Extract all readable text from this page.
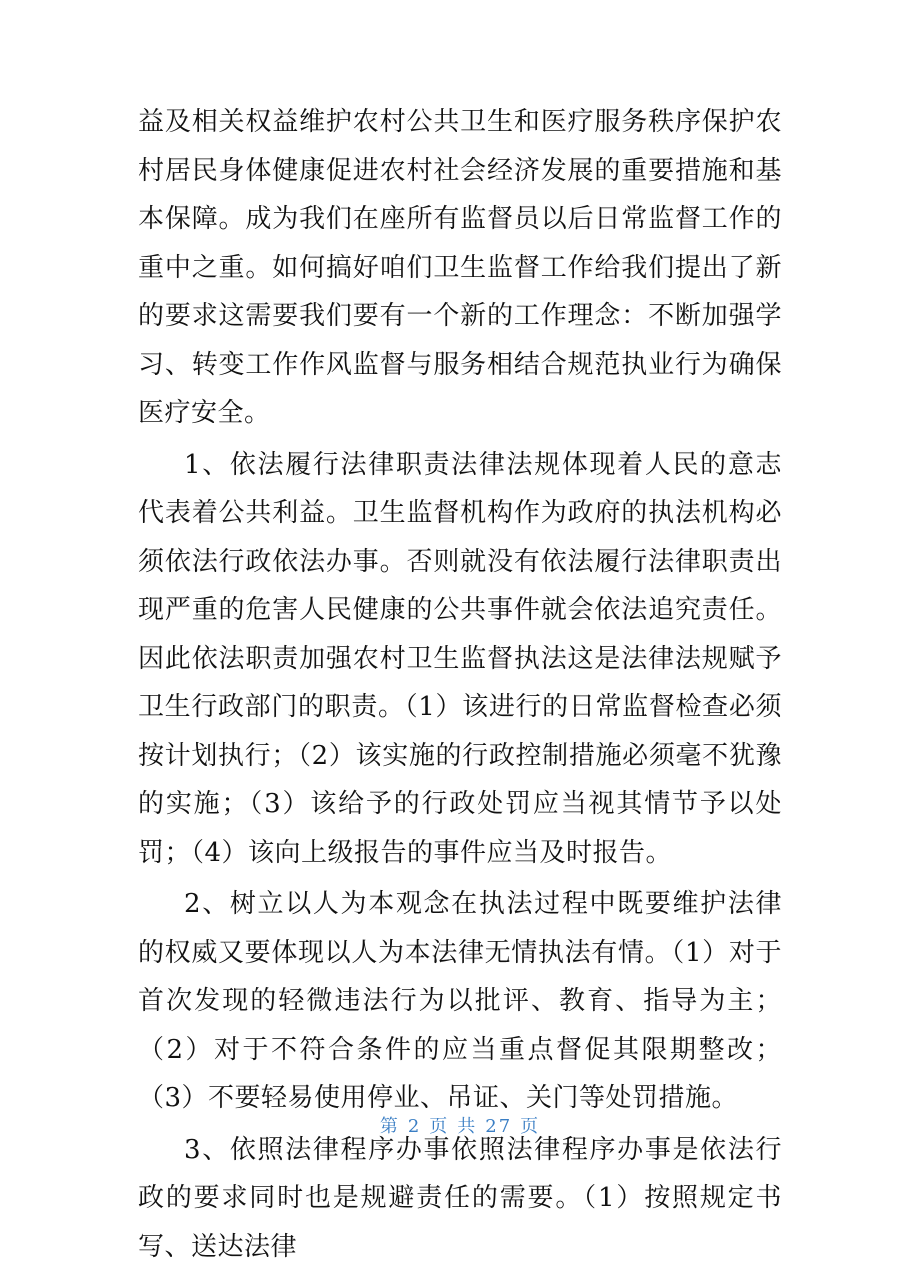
益及相关权益维护农村公共卫生和医疗服务秩序保护农村居民身体健康促进农村社会经济发展的重要措施和基本保障。成为我们在座所有监督员以后日常监督工作的重中之重。如何搞好咱们卫生监督工作给我们提出了新的要求这需要我们要有一个新的工作理念：不断加强学习、转变工作作风监督与服务相结合规范执业行为确保医疗安全。

1、依法履行法律职责法律法规体现着人民的意志代表着公共利益。卫生监督机构作为政府的执法机构必须依法行政依法办事。否则就没有依法履行法律职责出现严重的危害人民健康的公共事件就会依法追究责任。因此依法职责加强农村卫生监督执法这是法律法规赋予卫生行政部门的职责。（1）该进行的日常监督检查必须按计划执行；（2）该实施的行政控制措施必须毫不犹豫的实施；（3）该给予的行政处罚应当视其情节予以处罚；（4）该向上级报告的事件应当及时报告。

2、树立以人为本观念在执法过程中既要维护法律的权威又要体现以人为本法律无情执法有情。（1）对于首次发现的轻微违法行为以批评、教育、指导为主；（2）对于不符合条件的应当重点督促其限期整改；（3）不要轻易使用停业、吊证、关门等处罚措施。

3、依照法律程序办事依照法律程序办事是依法行政的要求同时也是规避责任的需要。（1）按照规定书写、送达法律

第 2 页 共 27 页
